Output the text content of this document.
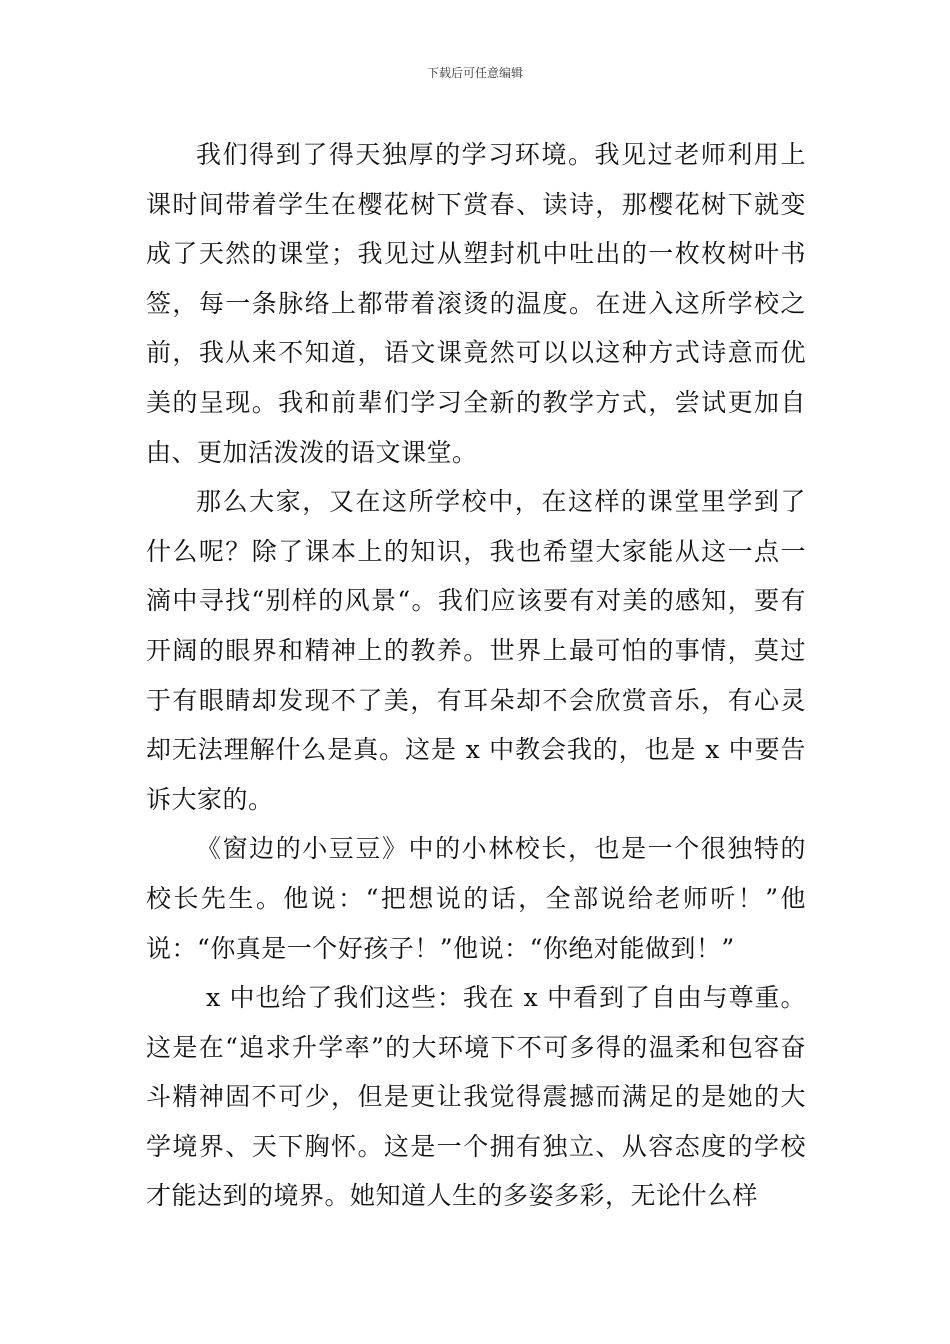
下载后可任意编辑

我们得到了得天独厚的学习环境。我见过老师利用上课时间带着学生在樱花树下赏春、读诗，那樱花树下就变成了天然的课堂；我见过从塑封机中吐出的一枚枚树叶书签，每一条脉络上都带着滚烫的温度。在进入这所学校之前，我从来不知道，语文课竟然可以以这种方式诗意而优美的呈现。我和前辈们学习全新的教学方式，尝试更加自由、更加活泼泼的语文课堂。

那么大家，又在这所学校中，在这样的课堂里学到了什么呢？除了课本上的知识，我也希望大家能从这一点一滴中寻找“别样的风景“。我们应该要有对美的感知，要有开阔的眼界和精神上的教养。世界上最可怕的事情，莫过于有眼睛却发现不了美，有耳朵却不会欣赏音乐，有心灵却无法理解什么是真。这是 x 中教会我的，也是 x 中要告诉大家的。

《窗边的小豆豆》中的小林校长，也是一个很独特的校长先生。他说：“把想说的话，全部说给老师听！”他说：“你真是一个好孩子！”他说：“你绝对能做到！”

x 中也给了我们这些：我在 x 中看到了自由与尊重。这是在“追求升学率”的大环境下不可多得的温柔和包容奋斗精神固不可少，但是更让我觉得震撼而满足的是她的大学境界、天下胸怀。这是一个拥有独立、从容态度的学校才能达到的境界。她知道人生的多姿多彩，无论什么样
